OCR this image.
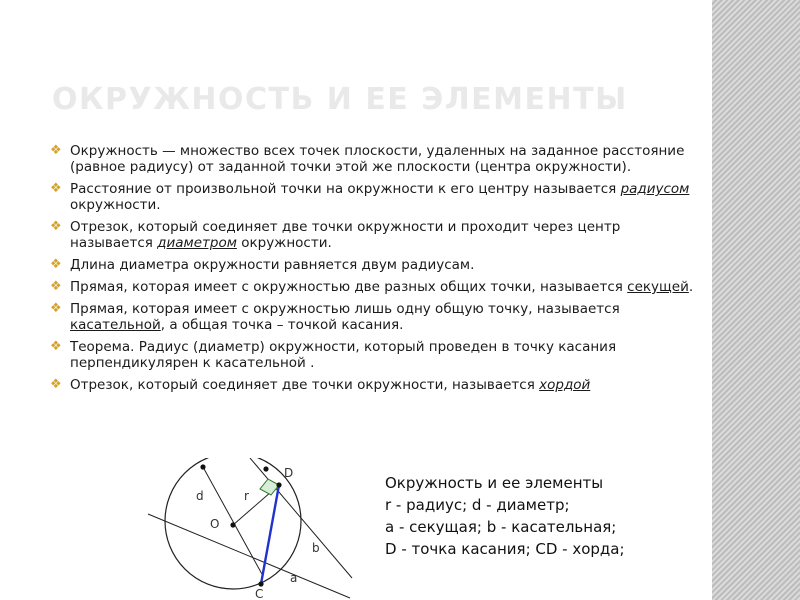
ОКРУЖНОСТЬ И ЕЕ ЭЛЕМЕНТЫ
❖ Окружность — множество всех точек плоскости, удаленных на заданное расстояние (равное радиусу) от заданной точки этой же плоскости (центра окружности).
❖ Расстояние от произвольной точки на окружности к его центру называется радиусом окружности.
❖ Отрезок, который соединяет две точки окружности и проходит через центр называется диаметром окружности.
❖ Длина диаметра окружности равняется двум радиусам.
❖ Прямая, которая имеет с окружностью две разных общих точки, называется секущей.
❖ Прямая, которая имеет с окружностью лишь одну общую точку, называется касательной, а общая точка – точкой касания.
❖ Теорема. Радиус (диаметр) окружности, который проведен в точку касания перпендикулярен к касательной .
❖ Отрезок, который соединяет две точки окружности, называется хордой
d	r
O
D
C
a
b
Окружность и ее элементы
r - радиус; d - диаметр;
a - секущая; b - касательная;
D - точка касания; CD - хорда;
